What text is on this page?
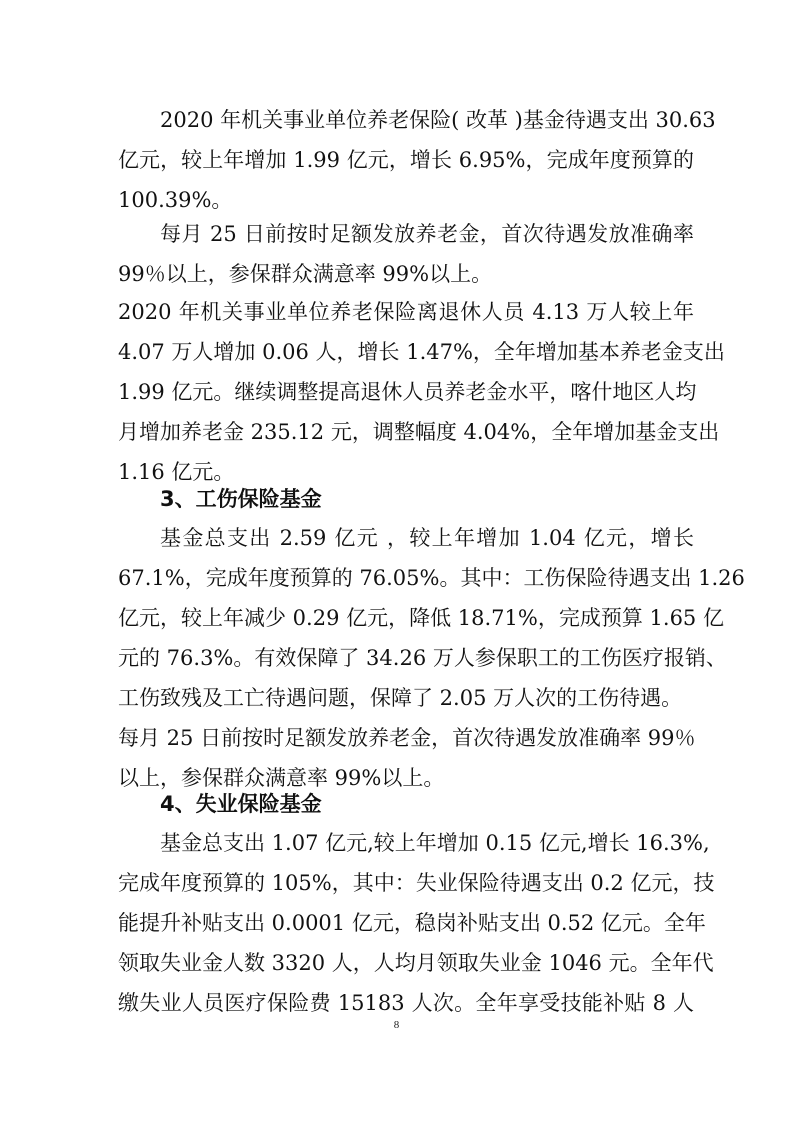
2020 年机关事业单位养老保险( 改革 )基金待遇支出 30.63
亿元，较上年增加 1.99 亿元，增长 6.95%，完成年度预算的
100.39%。
每月 25 日前按时足额发放养老金，首次待遇发放准确率
99％以上，参保群众满意率 99%以上。
2020 年机关事业单位养老保险离退休人员 4.13 万人较上年
4.07 万人增加 0.06 人，增长 1.47%，全年增加基本养老金支出
1.99 亿元。继续调整提高退休人员养老金水平，喀什地区人均
月增加养老金 235.12 元，调整幅度 4.04%，全年增加基金支出
1.16 亿元。
3、工伤保险基金
基金总支出 2.59 亿元 ，较上年增加 1.04 亿元，增长
67.1%，完成年度预算的 76.05%。其中：工伤保险待遇支出 1.26
亿元，较上年减少 0.29 亿元，降低 18.71%，完成预算 1.65 亿
元的 76.3%。有效保障了 34.26 万人参保职工的工伤医疗报销、
工伤致残及工亡待遇问题，保障了 2.05 万人次的工伤待遇。
每月 25 日前按时足额发放养老金，首次待遇发放准确率 99％
以上，参保群众满意率 99%以上。
4、失业保险基金
基金总支出 1.07 亿元,较上年增加 0.15 亿元,增长 16.3%,
完成年度预算的 105%，其中：失业保险待遇支出 0.2 亿元，技
能提升补贴支出 0.0001 亿元，稳岗补贴支出 0.52 亿元。全年
领取失业金人数 3320 人，人均月领取失业金 1046 元。全年代
缴失业人员医疗保险费 15183 人次。全年享受技能补贴 8 人
8
